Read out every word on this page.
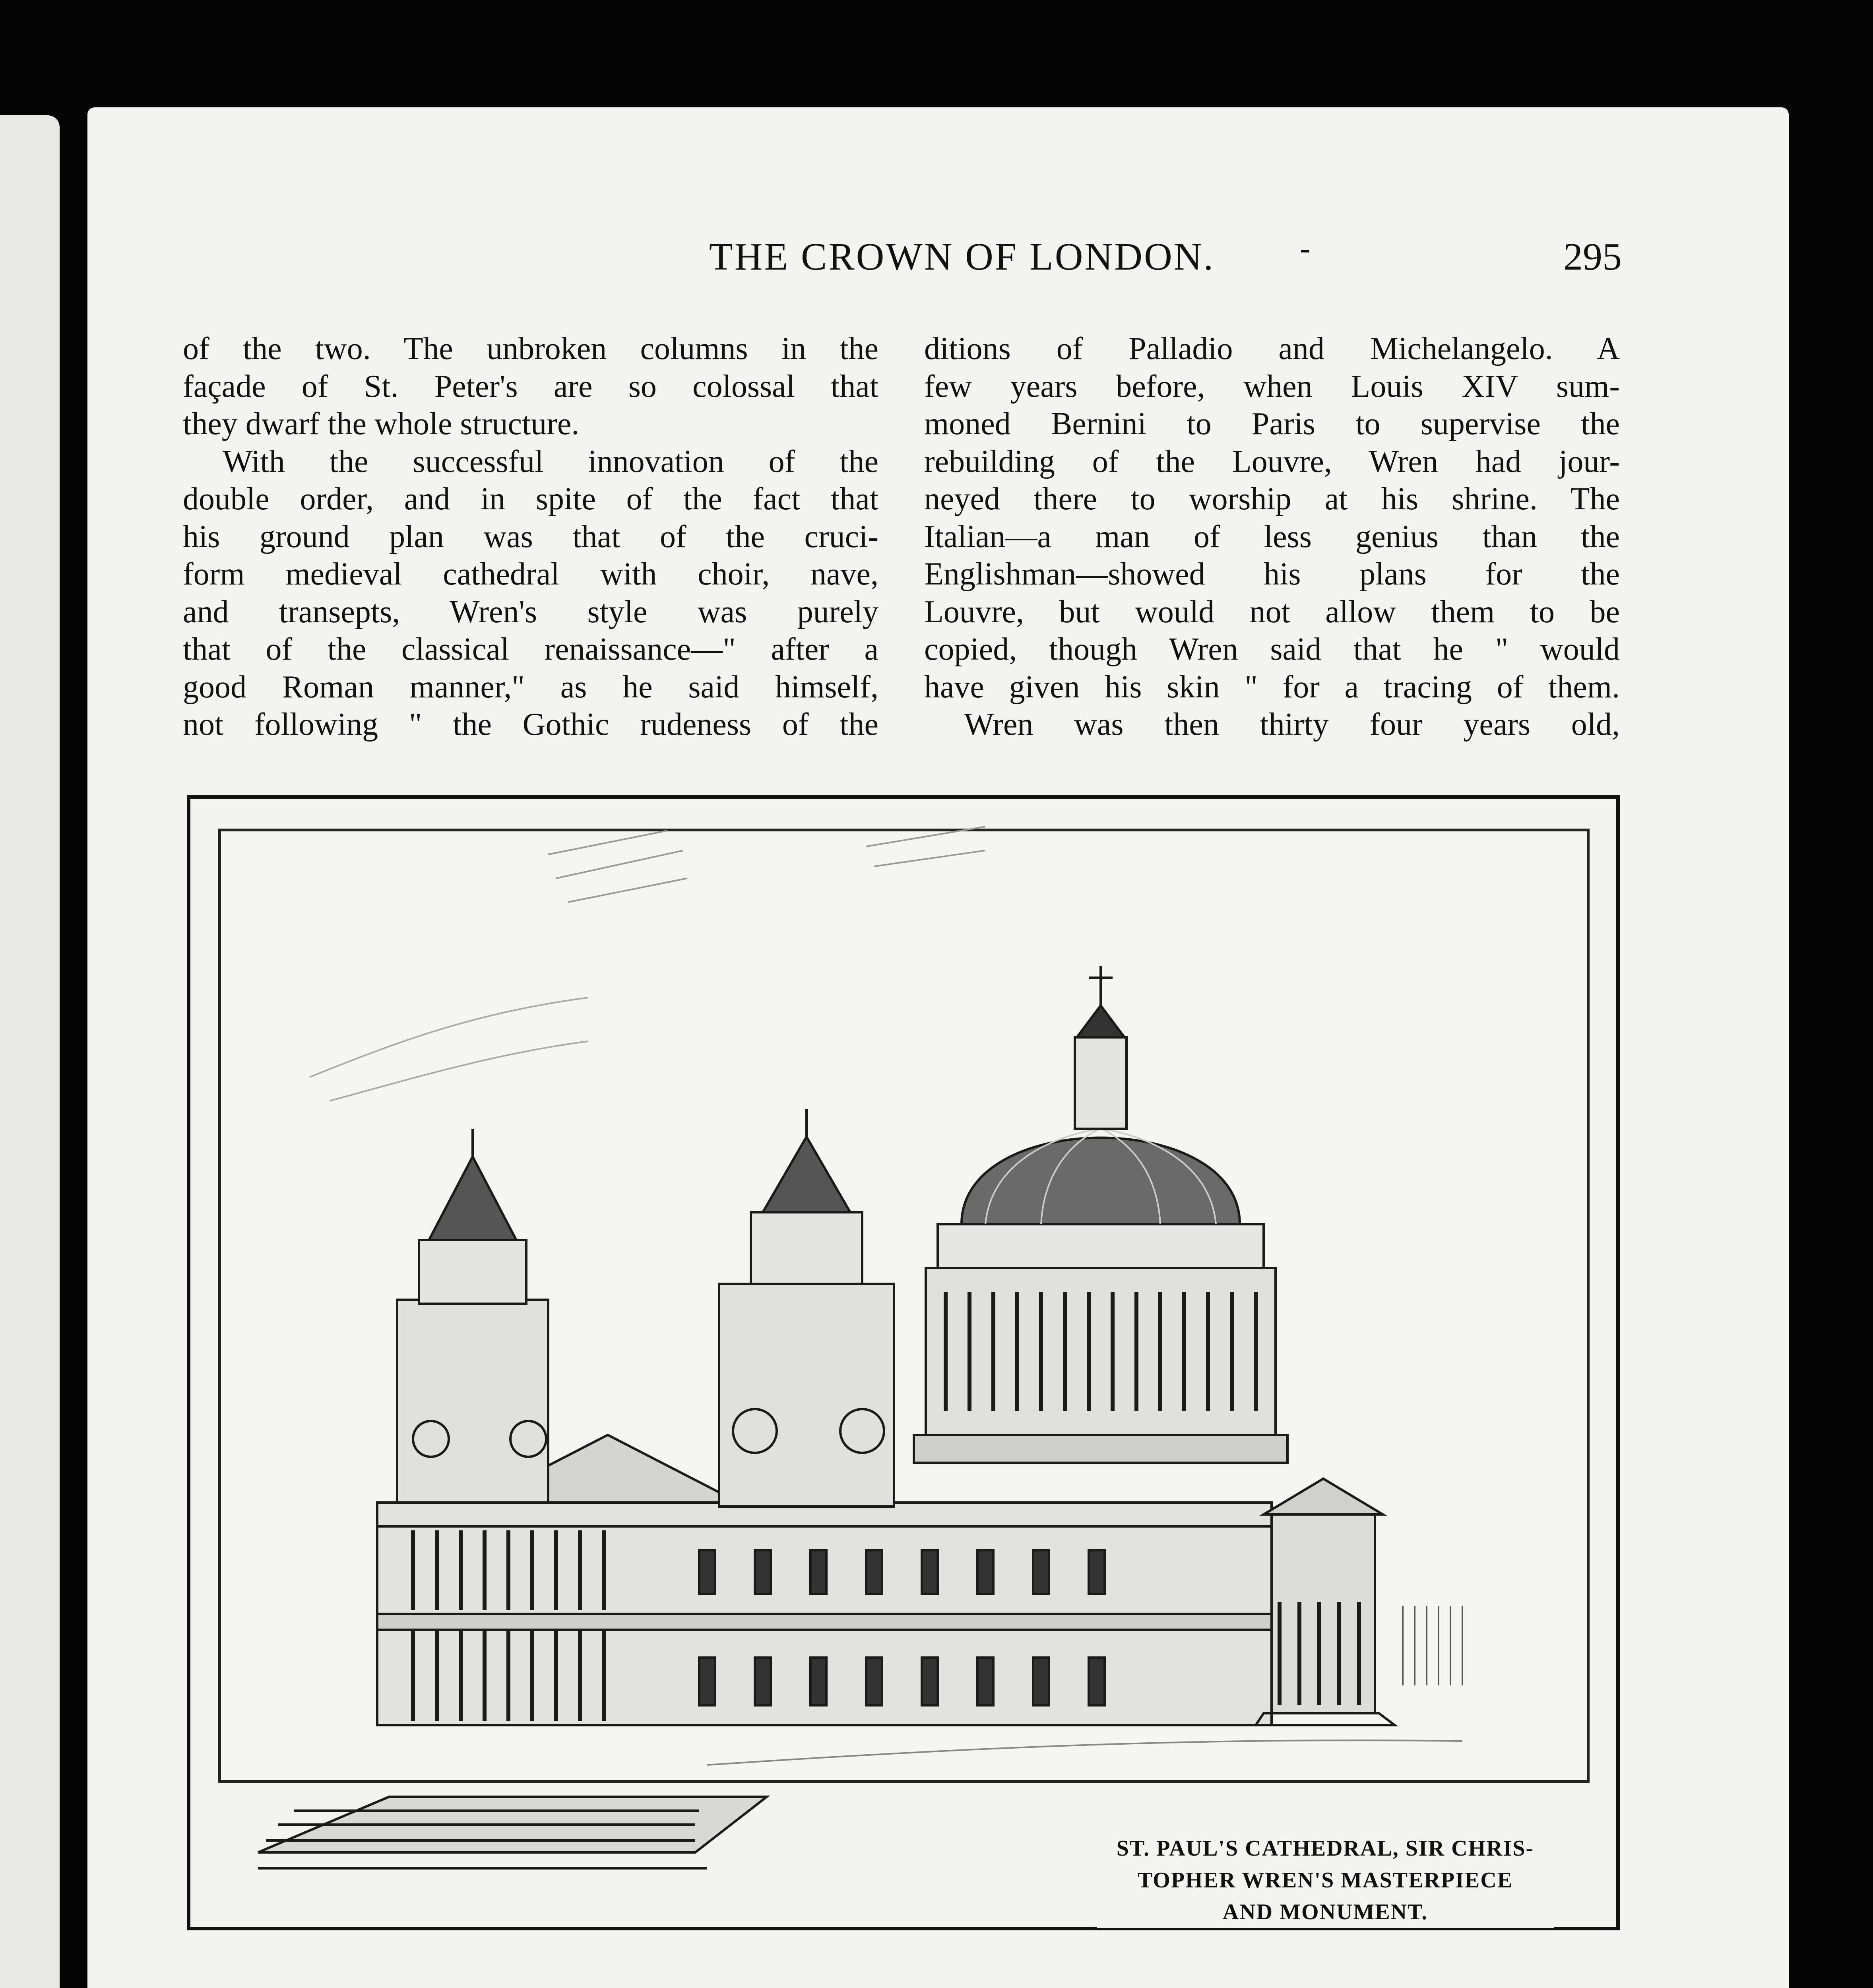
THE CROWN OF LONDON.	-	295
of the two. The unbroken columns in the
façade of St. Peter's are so colossal that
they dwarf the whole structure.
With the successful innovation of the
double order, and in spite of the fact that
his ground plan was that of the cruci-
form medieval cathedral with choir, nave,
and transepts, Wren's style was purely
that of the classical renaissance—" after a
good Roman manner," as he said himself,
not following " the Gothic rudeness of the
ditions of Palladio and Michelangelo. A
few years before, when Louis XIV sum-
moned Bernini to Paris to supervise the
rebuilding of the Louvre, Wren had jour-
neyed there to worship at his shrine. The
Italian—a man of less genius than the
Englishman—showed his plans for the
Louvre, but would not allow them to be
copied, though Wren said that he " would
have given his skin " for a tracing of them.
Wren was then thirty four years old,
ST. PAUL'S CATHEDRAL, SIR CHRIS-
TOPHER WREN'S MASTERPIECE
AND MONUMENT.
